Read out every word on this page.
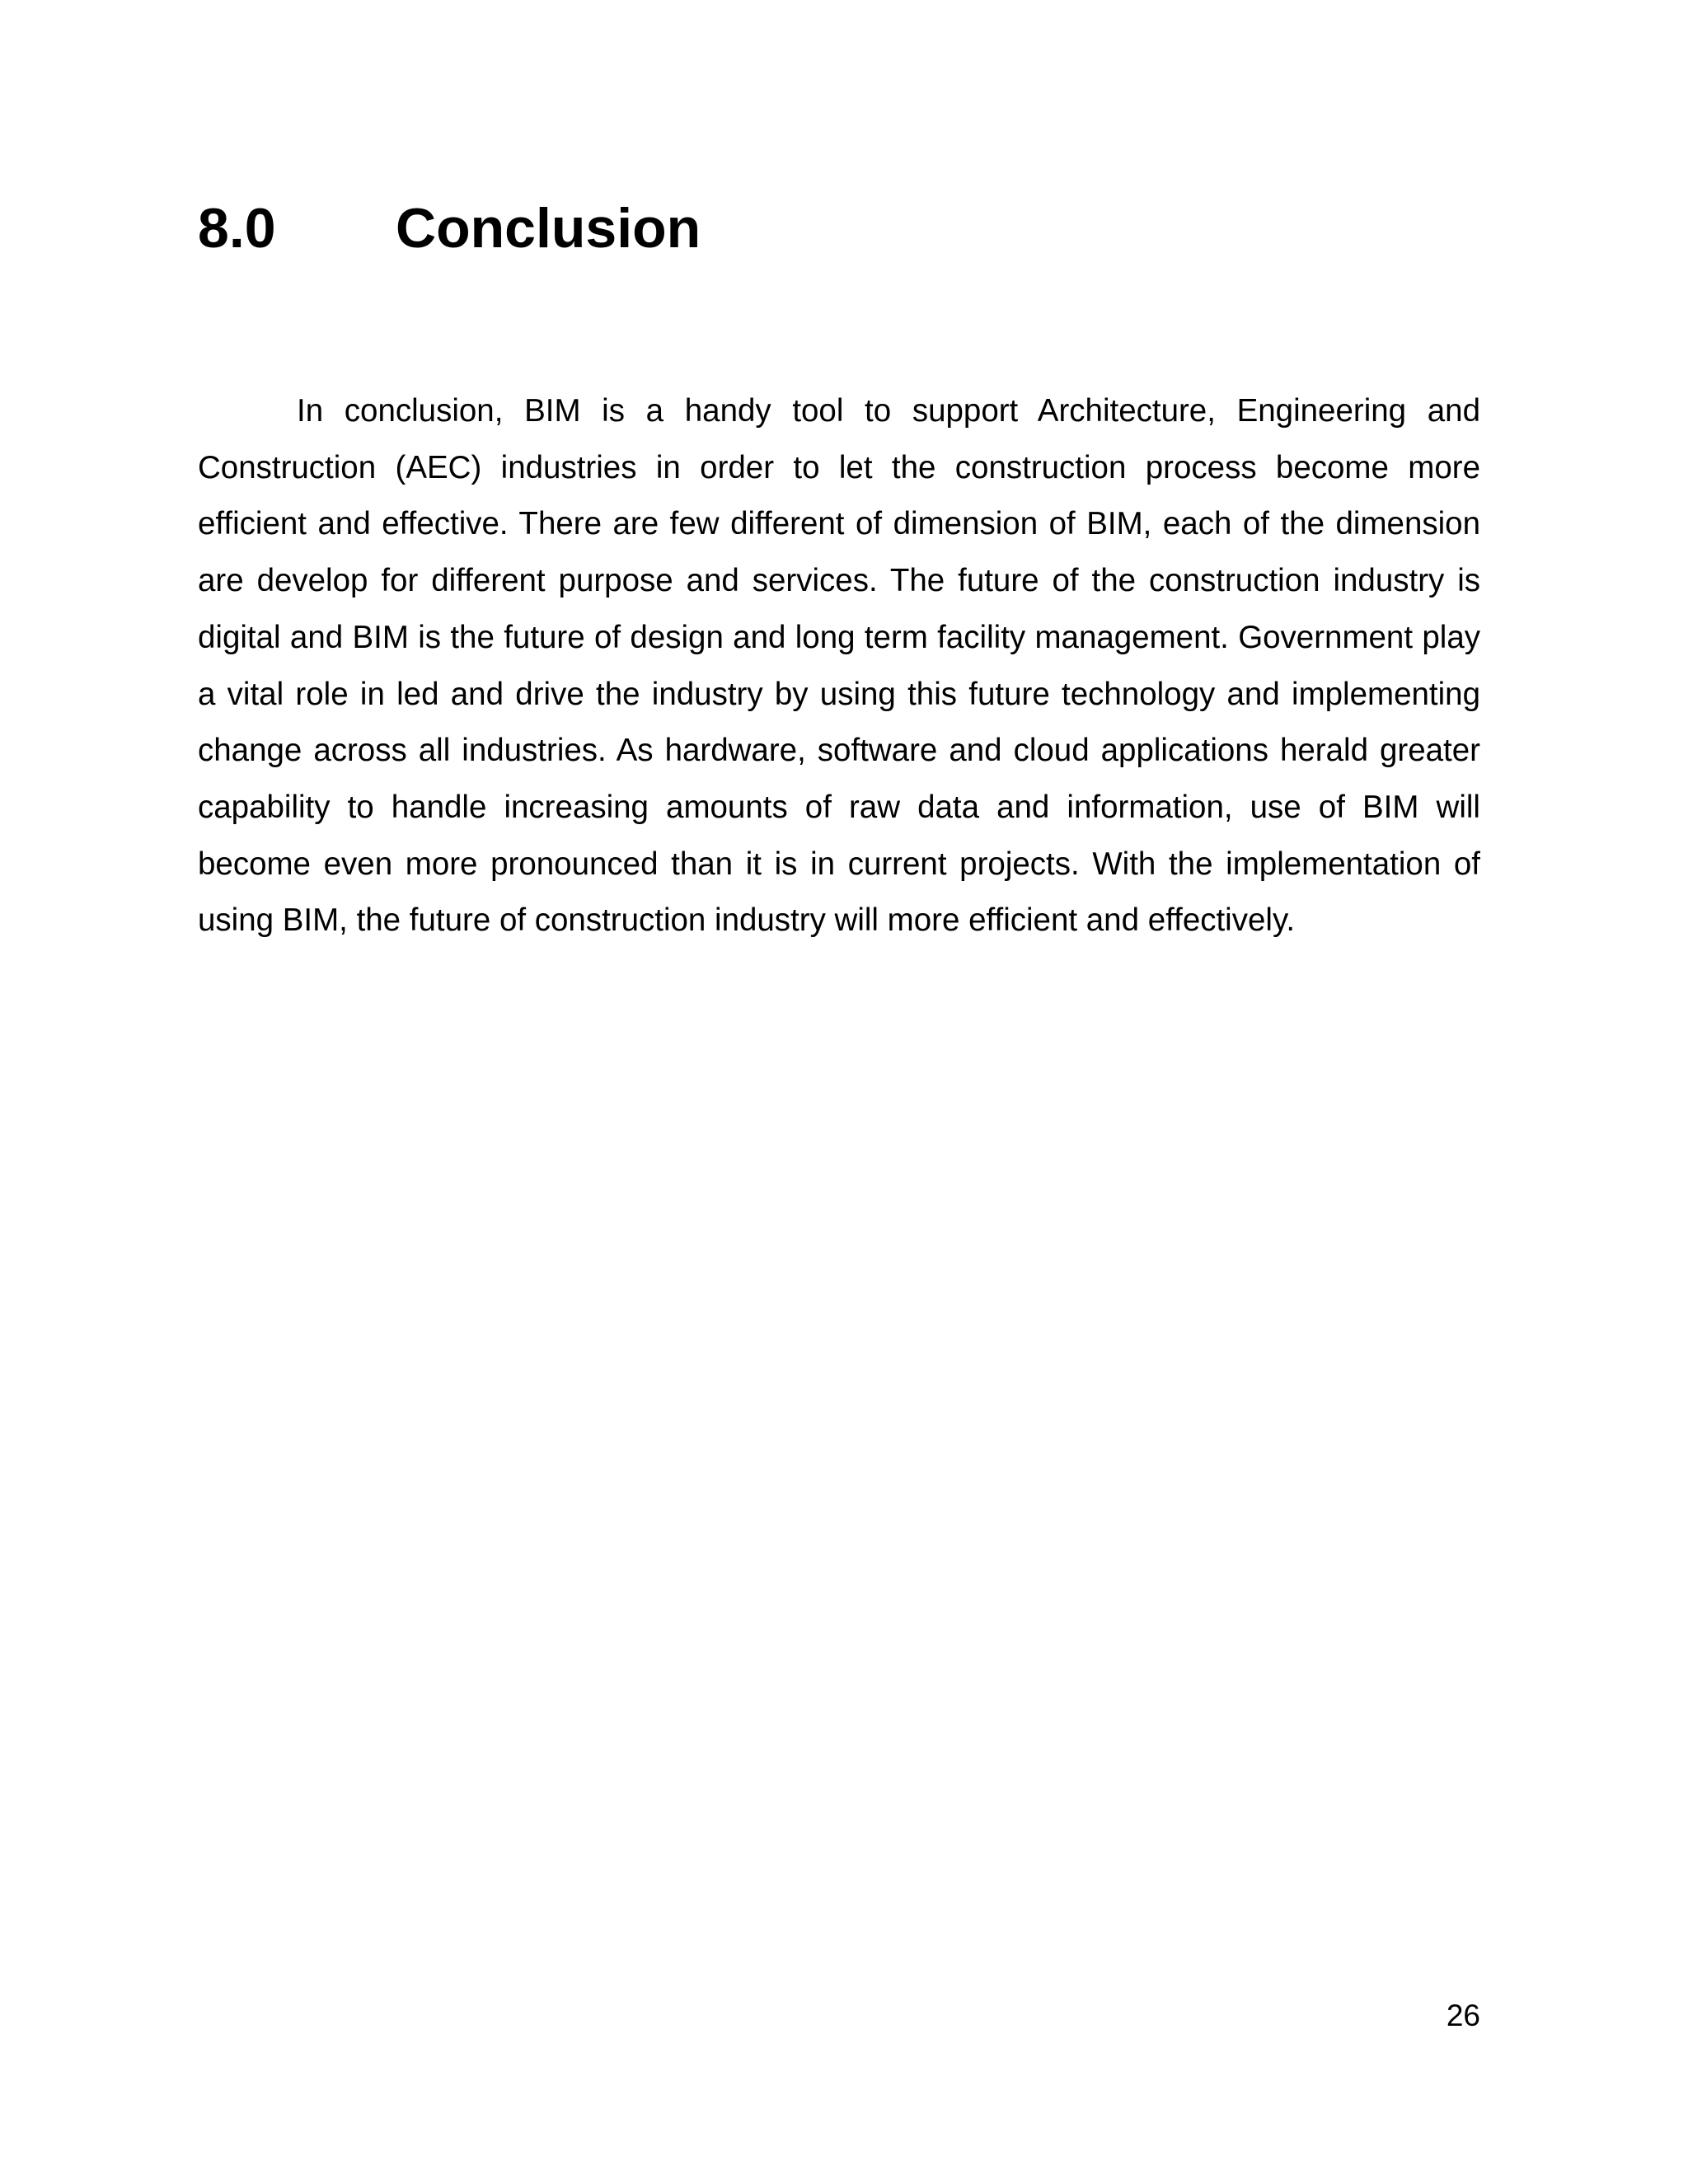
8.0 Conclusion

In conclusion, BIM is a handy tool to support Architecture, Engineering and Construction (AEC) industries in order to let the construction process become more efficient and effective. There are few different of dimension of BIM, each of the dimension are develop for different purpose and services. The future of the construction industry is digital and BIM is the future of design and long term facility management. Government play a vital role in led and drive the industry by using this future technology and implementing change across all industries. As hardware, software and cloud applications herald greater capability to handle increasing amounts of raw data and information, use of BIM will become even more pronounced than it is in current projects. With the implementation of using BIM, the future of construction industry will more efficient and effectively.

26
